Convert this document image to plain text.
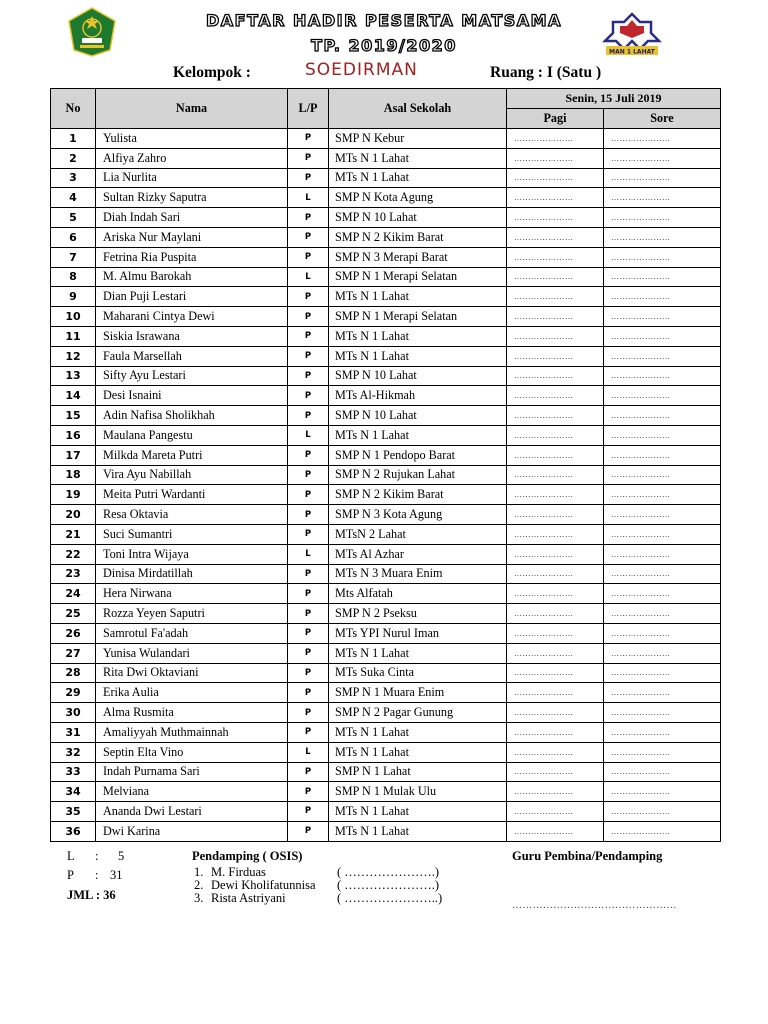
DAFTAR HADIR PESERTA MATSAMA
TP. 2019/2020	MAN 1 LAHAT
Kelompok :	SOEDIRMAN	Ruang : I (Satu )
No	Nama	L/P	Asal Sekolah	Senin, 15 Juli 2019	
				Pagi	Sore
1	Yulista	P	SMP N Kebur	…………………	…………………
2	Alfiya Zahro	P	MTs N 1 Lahat	…………………	…………………
3	Lia Nurlita	P	MTs N 1 Lahat	…………………	…………………
4	Sultan Rizky Saputra	L	SMP N Kota Agung	…………………	…………………
5	Diah Indah Sari	P	SMP N 10 Lahat	…………………	…………………
6	Ariska Nur Maylani	P	SMP N 2 Kikim Barat	…………………	…………………
7	Fetrina Ria Puspita	P	SMP N 3 Merapi Barat	…………………	…………………
8	M. Almu Barokah	L	SMP N 1 Merapi Selatan	…………………	…………………
9	Dian Puji Lestari	P	MTs N 1 Lahat	…………………	…………………
10	Maharani Cintya Dewi	P	SMP N 1 Merapi Selatan	…………………	…………………
11	Siskia Israwana	P	MTs N 1 Lahat	…………………	…………………
12	Faula Marsellah	P	MTs N 1 Lahat	…………………	…………………
13	Sifty Ayu Lestari	P	SMP N 10 Lahat	…………………	…………………
14	Desi Isnaini	P	MTs Al-Hikmah	…………………	…………………
15	Adin Nafisa Sholikhah	P	SMP N 10 Lahat	…………………	…………………
16	Maulana Pangestu	L	MTs N 1 Lahat	…………………	…………………
17	Milkda Mareta Putri	P	SMP N 1 Pendopo Barat	…………………	…………………
18	Vira Ayu Nabillah	P	SMP N 2 Rujukan Lahat	…………………	…………………
19	Meita Putri Wardanti	P	SMP N 2 Kikim Barat	…………………	…………………
20	Resa Oktavia	P	SMP N 3 Kota Agung	…………………	…………………
21	Suci Sumantri	P	MTsN 2 Lahat	…………………	…………………
22	Toni Intra Wijaya	L	MTs Al Azhar	…………………	…………………
23	Dinisa Mirdatillah	P	MTs N 3 Muara Enim	…………………	…………………
24	Hera Nirwana	P	Mts Alfatah	…………………	…………………
25	Rozza Yeyen Saputri	P	SMP N 2 Pseksu	…………………	…………………
26	Samrotul Fa'adah	P	MTs YPI Nurul Iman	…………………	…………………
27	Yunisa Wulandari	P	MTs N 1 Lahat	…………………	…………………
28	Rita Dwi Oktaviani	P	MTs Suka Cinta	…………………	…………………
29	Erika Aulia	P	SMP N 1 Muara Enim	…………………	…………………
30	Alma Rusmita	P	SMP N 2 Pagar Gunung	…………………	…………………
31	Amaliyyah Muthmainnah	P	MTs N 1 Lahat	…………………	…………………
32	Septin Elta Vino	L	MTs N 1 Lahat	…………………	…………………
33	Indah Purnama Sari	P	SMP N 1 Lahat	…………………	…………………
34	Melviana	P	SMP N 1 Mulak Ulu	…………………	…………………
35	Ananda Dwi Lestari	P	MTs N 1 Lahat	…………………	…………………
36	Dwi Karina	P	MTs N 1 Lahat	…………………	…………………
L : 5
P : 31
JML : 36
Pendamping ( OSIS)
1. M. Firduas	( ………………….)
2. Dewi Kholifatunnisa ( ………………….)
3. Rista Astriyani	( …………………..)
Guru Pembina/Pendamping
…………………………………………
